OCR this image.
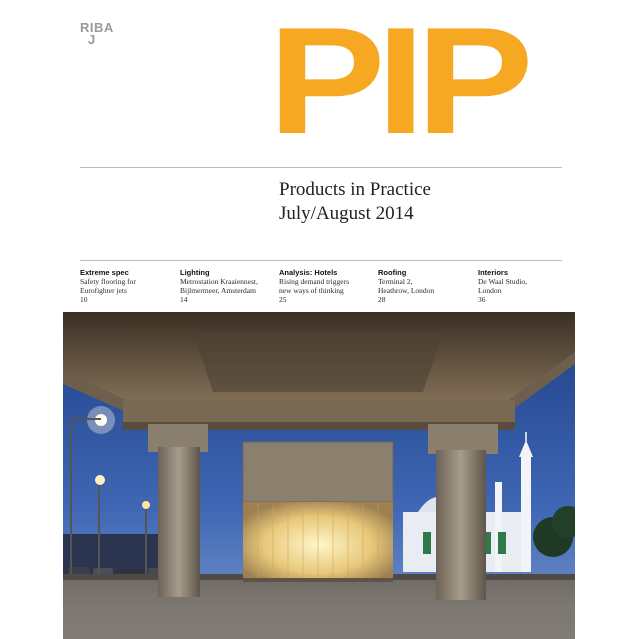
RIBA
J PIP
Products in Practice
July/August 2014
Extreme spec
Safety flooring for
Eurofighter jets
10
Lighting
Metrostation Kraaiennest,
Bijlmermeer, Amsterdam
14
Analysis: Hotels
Rising demand triggers
new ways of thinking
25
Roofing
Terminal 2,
Heathrow, London
28
Interiors
De Waal Studio,
London
36
